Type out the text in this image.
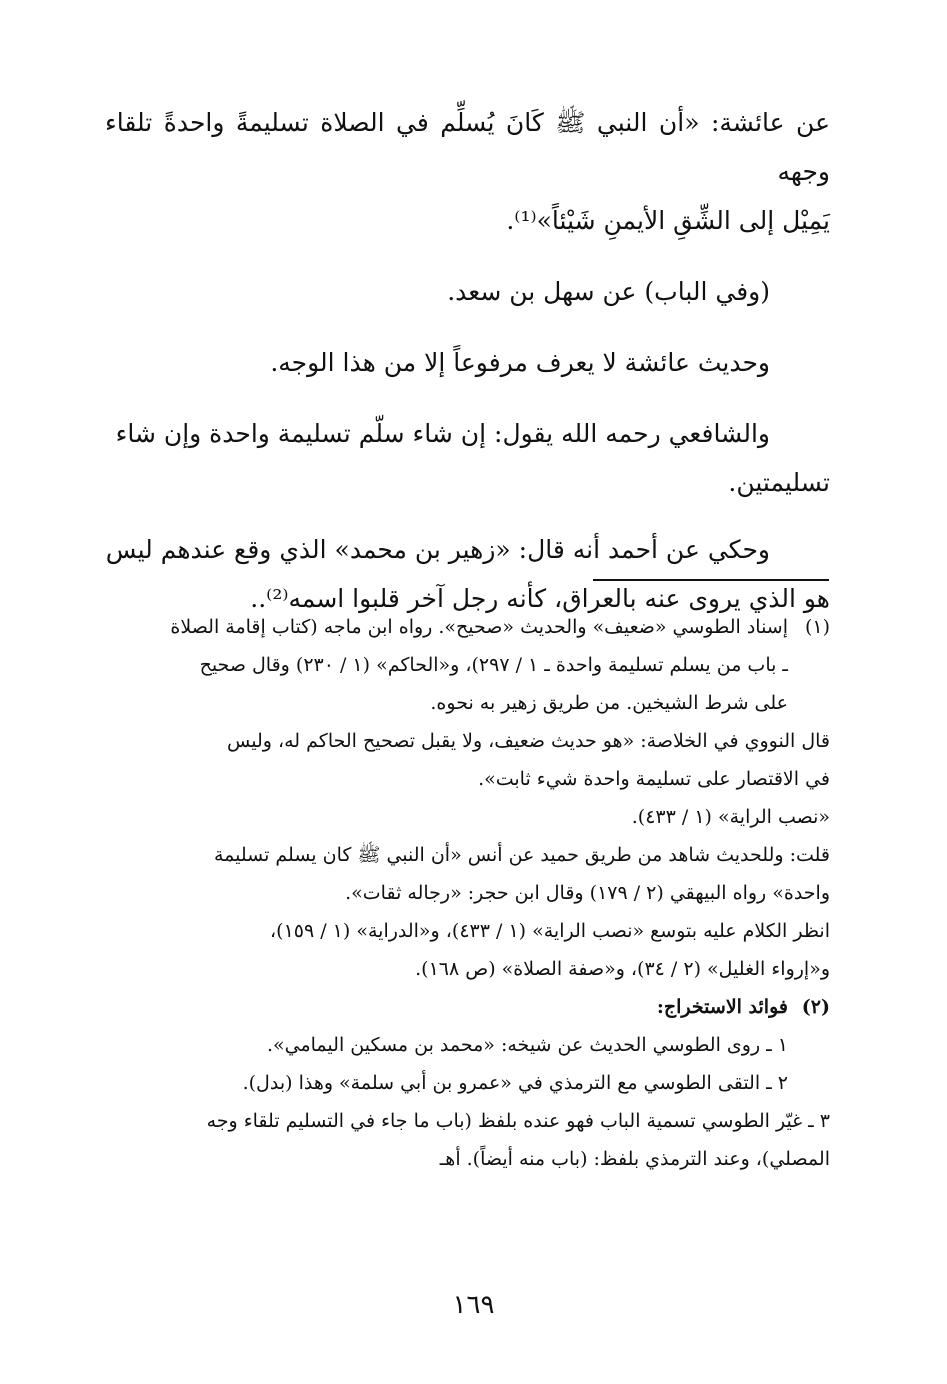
عن عائشة: «أن النبي ﷺ كَانَ يُسلِّم في الصلاة تسليمةً واحدةً تلقاء وجهه

يَمِيْل إلى الشِّقِ الأيمنِ شَيْئاً»⁽¹⁾.

(وفي الباب) عن سهل بن سعد.

وحديث عائشة لا يعرف مرفوعاً إلا من هذا الوجه.

والشافعي رحمه الله يقول: إن شاء سلّم تسليمة واحدة وإن شاء

تسليمتين.

وحكي عن أحمد أنه قال: «زهير بن محمد» الذي وقع عندهم ليس

هو الذي يروى عنه بالعراق، كأنه رجل آخر قلبوا اسمه⁽²⁾..

(١)إسناد الطوسي «ضعيف» والحديث «صحيح». رواه ابن ماجه (كتاب إقامة الصلاة
ـ باب من يسلم تسليمة واحدة ـ ١ / ٢٩٧)، و«الحاكم» (١ / ٢٣٠) وقال صحيح
على شرط الشيخين. من طريق زهير به نحوه.
قال النووي في الخلاصة: «هو حديث ضعيف، ولا يقبل تصحيح الحاكم له، وليس
في الاقتصار على تسليمة واحدة شيء ثابت».
«نصب الراية» (١ / ٤٣٣).
قلت: وللحديث شاهد من طريق حميد عن أنس «أن النبي ﷺ كان يسلم تسليمة
واحدة» رواه البيهقي (٢ / ١٧٩) وقال ابن حجر: «رجاله ثقات».
انظر الكلام عليه بتوسع «نصب الراية» (١ / ٤٣٣)، و«الدراية» (١ / ١٥٩)،
و«إرواء الغليل» (٢ / ٣٤)، و«صفة الصلاة» (ص ١٦٨).
(٢)فوائد الاستخراج:
١ ـ روى الطوسي الحديث عن شيخه: «محمد بن مسكين اليمامي».
٢ ـ التقى الطوسي مع الترمذي في «عمرو بن أبي سلمة» وهذا (بدل).
٣ ـ غيّر الطوسي تسمية الباب فهو عنده بلفظ (باب ما جاء في التسليم تلقاء وجه
المصلي)، وعند الترمذي بلفظ: (باب منه أيضاً). أهـ
١٦٩
